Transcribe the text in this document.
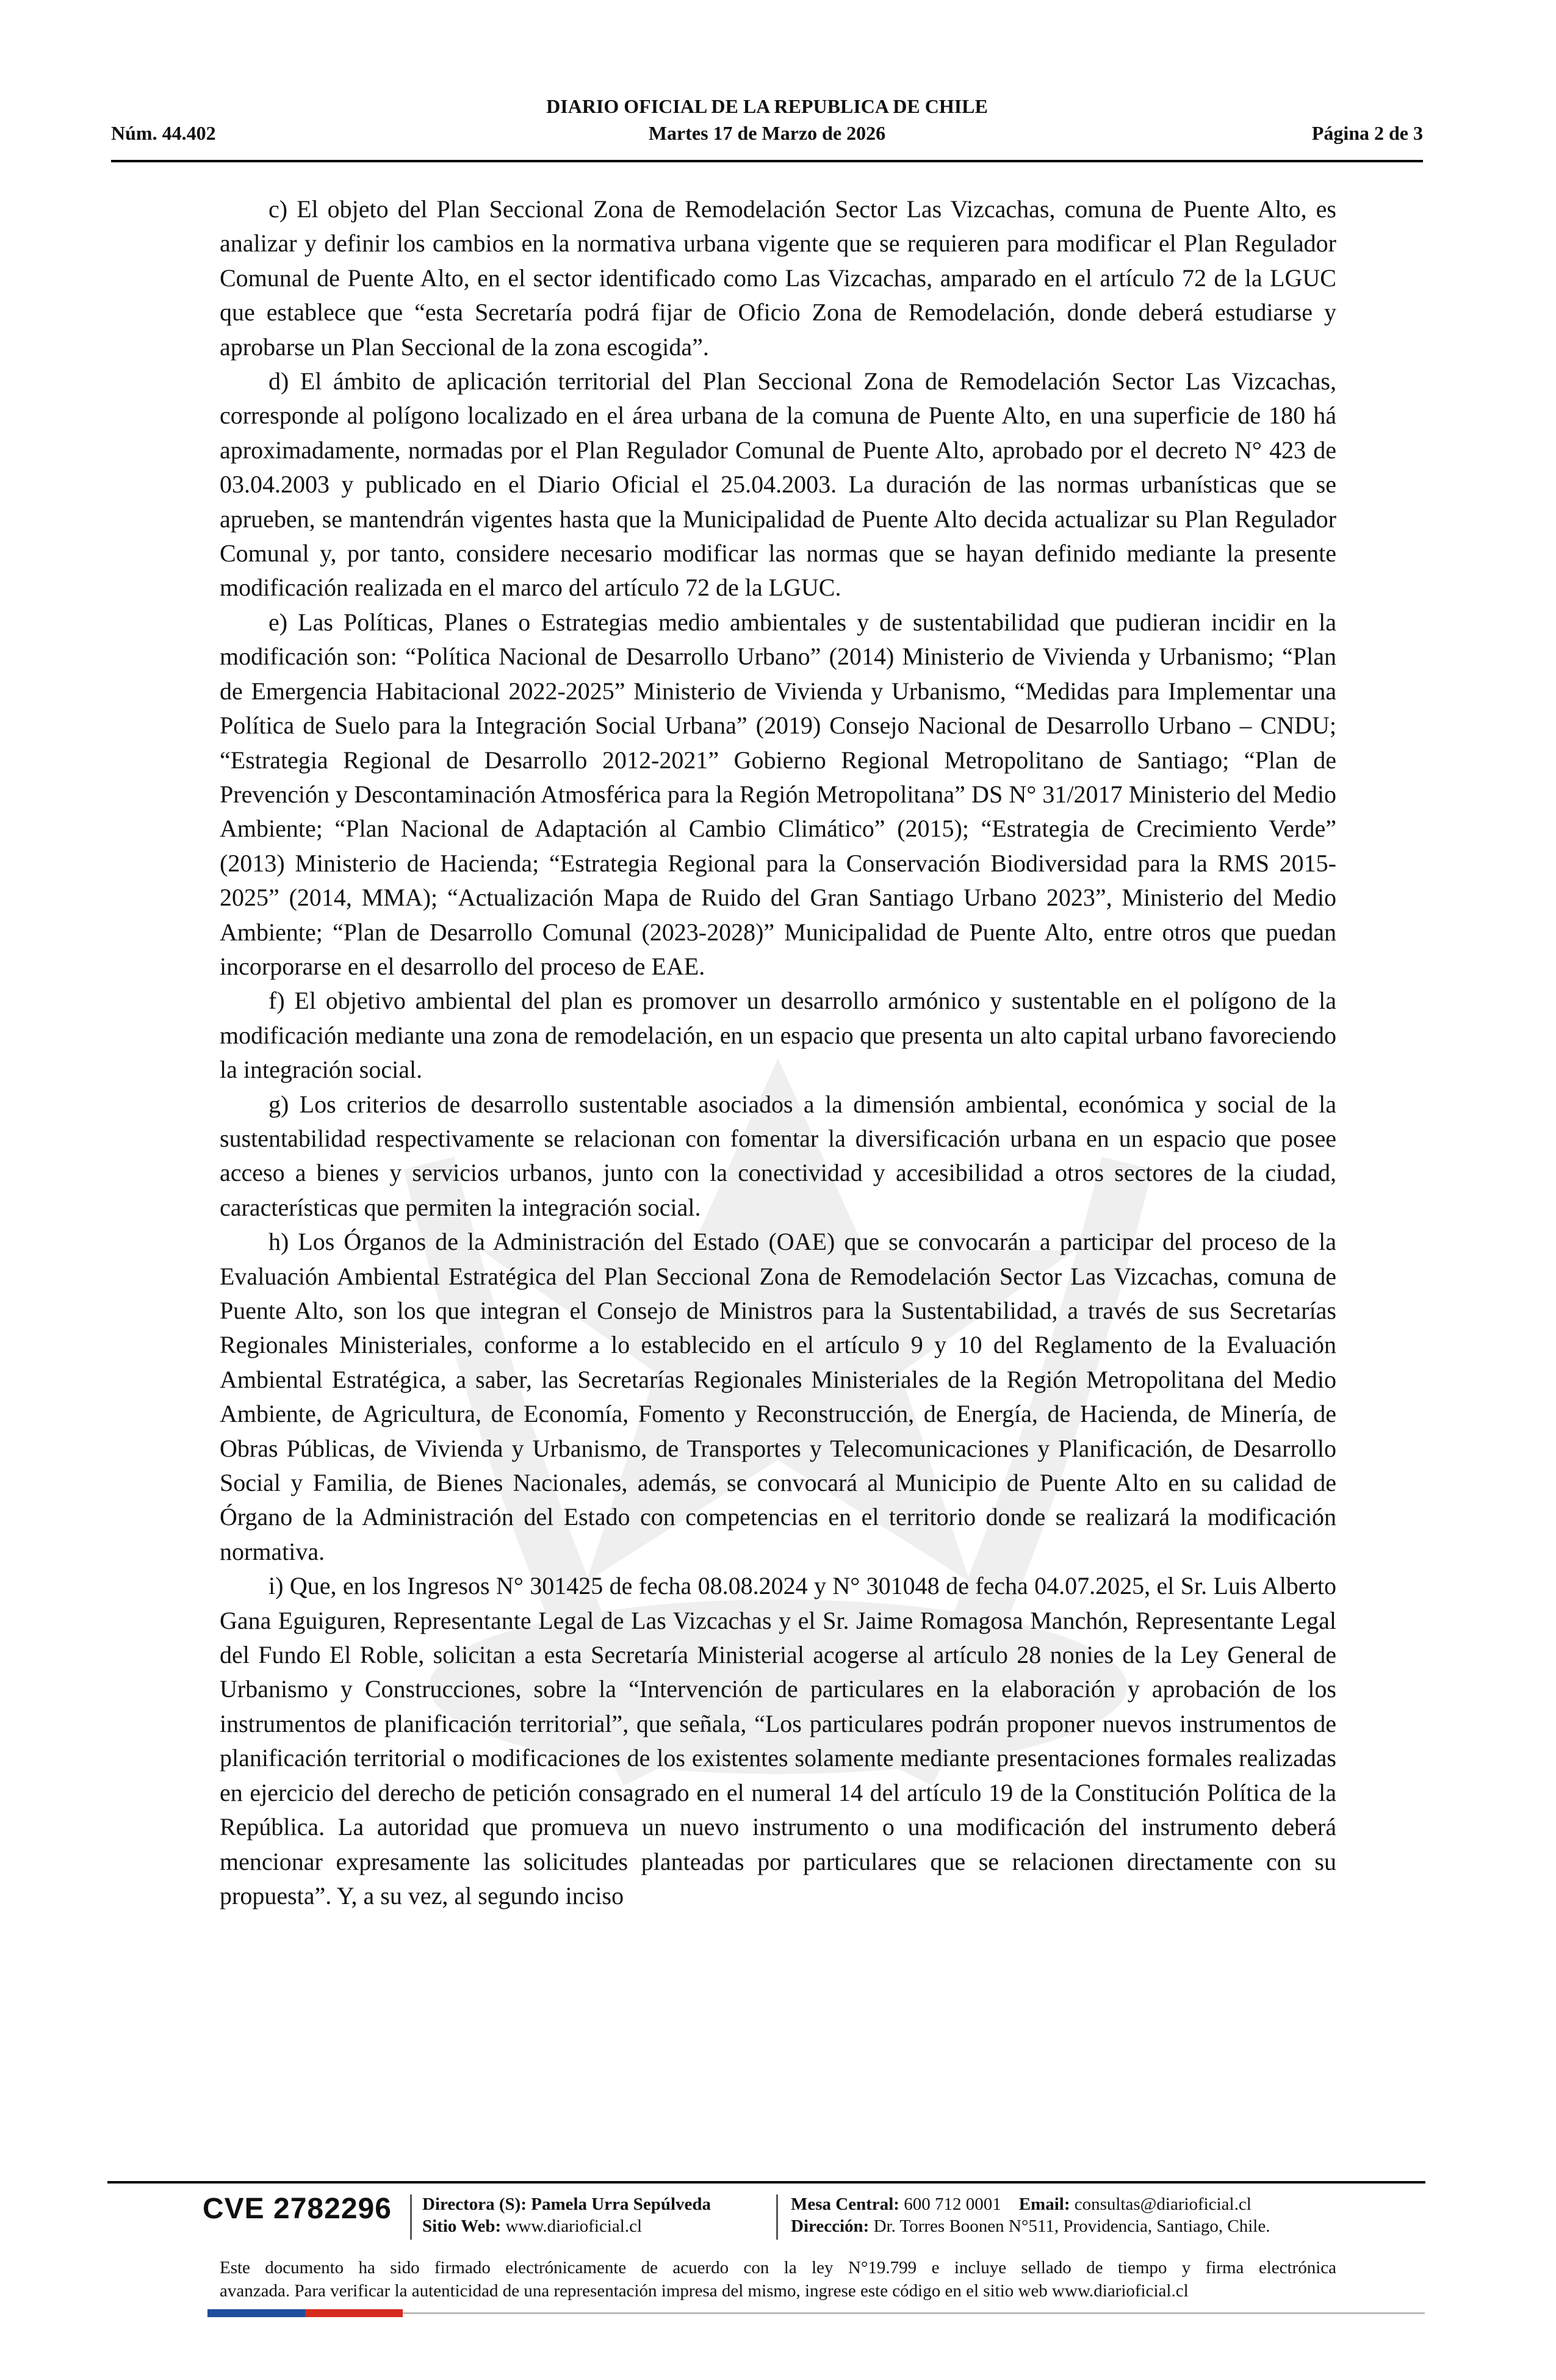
DIARIO OFICIAL DE LA REPUBLICA DE CHILE
Núm. 44.402	Martes 17 de Marzo de 2026	Página 2 de 3

c) El objeto del Plan Seccional Zona de Remodelación Sector Las Vizcachas, comuna de Puente Alto, es analizar y definir los cambios en la normativa urbana vigente que se requieren para modificar el Plan Regulador Comunal de Puente Alto, en el sector identificado como Las Vizcachas, amparado en el artículo 72 de la LGUC que establece que “esta Secretaría podrá fijar de Oficio Zona de Remodelación, donde deberá estudiarse y aprobarse un Plan Seccional de la zona escogida”.

d) El ámbito de aplicación territorial del Plan Seccional Zona de Remodelación Sector Las Vizcachas, corresponde al polígono localizado en el área urbana de la comuna de Puente Alto, en una superficie de 180 há aproximadamente, normadas por el Plan Regulador Comunal de Puente Alto, aprobado por el decreto N° 423 de 03.04.2003 y publicado en el Diario Oficial el 25.04.2003. La duración de las normas urbanísticas que se aprueben, se mantendrán vigentes hasta que la Municipalidad de Puente Alto decida actualizar su Plan Regulador Comunal y, por tanto, considere necesario modificar las normas que se hayan definido mediante la presente modificación realizada en el marco del artículo 72 de la LGUC.

e) Las Políticas, Planes o Estrategias medio ambientales y de sustentabilidad que pudieran incidir en la modificación son: “Política Nacional de Desarrollo Urbano” (2014) Ministerio de Vivienda y Urbanismo; “Plan de Emergencia Habitacional 2022-2025” Ministerio de Vivienda y Urbanismo, “Medidas para Implementar una Política de Suelo para la Integración Social Urbana” (2019) Consejo Nacional de Desarrollo Urbano – CNDU; “Estrategia Regional de Desarrollo 2012-2021” Gobierno Regional Metropolitano de Santiago; “Plan de Prevención y Descontaminación Atmosférica para la Región Metropolitana” DS N° 31/2017 Ministerio del Medio Ambiente; “Plan Nacional de Adaptación al Cambio Climático” (2015); “Estrategia de Crecimiento Verde” (2013) Ministerio de Hacienda; “Estrategia Regional para la Conservación Biodiversidad para la RMS 2015-2025” (2014, MMA); “Actualización Mapa de Ruido del Gran Santiago Urbano 2023”, Ministerio del Medio Ambiente; “Plan de Desarrollo Comunal (2023-2028)” Municipalidad de Puente Alto, entre otros que puedan incorporarse en el desarrollo del proceso de EAE.

f) El objetivo ambiental del plan es promover un desarrollo armónico y sustentable en el polígono de la modificación mediante una zona de remodelación, en un espacio que presenta un alto capital urbano favoreciendo la integración social.

g) Los criterios de desarrollo sustentable asociados a la dimensión ambiental, económica y social de la sustentabilidad respectivamente se relacionan con fomentar la diversificación urbana en un espacio que posee acceso a bienes y servicios urbanos, junto con la conectividad y accesibilidad a otros sectores de la ciudad, características que permiten la integración social.

h) Los Órganos de la Administración del Estado (OAE) que se convocarán a participar del proceso de la Evaluación Ambiental Estratégica del Plan Seccional Zona de Remodelación Sector Las Vizcachas, comuna de Puente Alto, son los que integran el Consejo de Ministros para la Sustentabilidad, a través de sus Secretarías Regionales Ministeriales, conforme a lo establecido en el artículo 9 y 10 del Reglamento de la Evaluación Ambiental Estratégica, a saber, las Secretarías Regionales Ministeriales de la Región Metropolitana del Medio Ambiente, de Agricultura, de Economía, Fomento y Reconstrucción, de Energía, de Hacienda, de Minería, de Obras Públicas, de Vivienda y Urbanismo, de Transportes y Telecomunicaciones y Planificación, de Desarrollo Social y Familia, de Bienes Nacionales, además, se convocará al Municipio de Puente Alto en su calidad de Órgano de la Administración del Estado con competencias en el territorio donde se realizará la modificación normativa.

i) Que, en los Ingresos N° 301425 de fecha 08.08.2024 y N° 301048 de fecha 04.07.2025, el Sr. Luis Alberto Gana Eguiguren, Representante Legal de Las Vizcachas y el Sr. Jaime Romagosa Manchón, Representante Legal del Fundo El Roble, solicitan a esta Secretaría Ministerial acogerse al artículo 28 nonies de la Ley General de Urbanismo y Construcciones, sobre la “Intervención de particulares en la elaboración y aprobación de los instrumentos de planificación territorial”, que señala, “Los particulares podrán proponer nuevos instrumentos de planificación territorial o modificaciones de los existentes solamente mediante presentaciones formales realizadas en ejercicio del derecho de petición consagrado en el numeral 14 del artículo 19 de la Constitución Política de la República. La autoridad que promueva un nuevo instrumento o una modificación del instrumento deberá mencionar expresamente las solicitudes planteadas por particulares que se relacionen directamente con su propuesta”. Y, a su vez, al segundo inciso

CVE 2782296 Directora (S): Pamela Urra Sepúlveda
Sitio Web: www.diarioficial.cl
Mesa Central: 600 712 0001 Email: consultas@diarioficial.cl
Dirección: Dr. Torres Boonen N°511, Providencia, Santiago, Chile.
Este documento ha sido firmado electrónicamente de acuerdo con la ley N°19.799 e incluye sellado de tiempo y firma electrónica
avanzada. Para verificar la autenticidad de una representación impresa del mismo, ingrese este código en el sitio web www.diarioficial.cl
